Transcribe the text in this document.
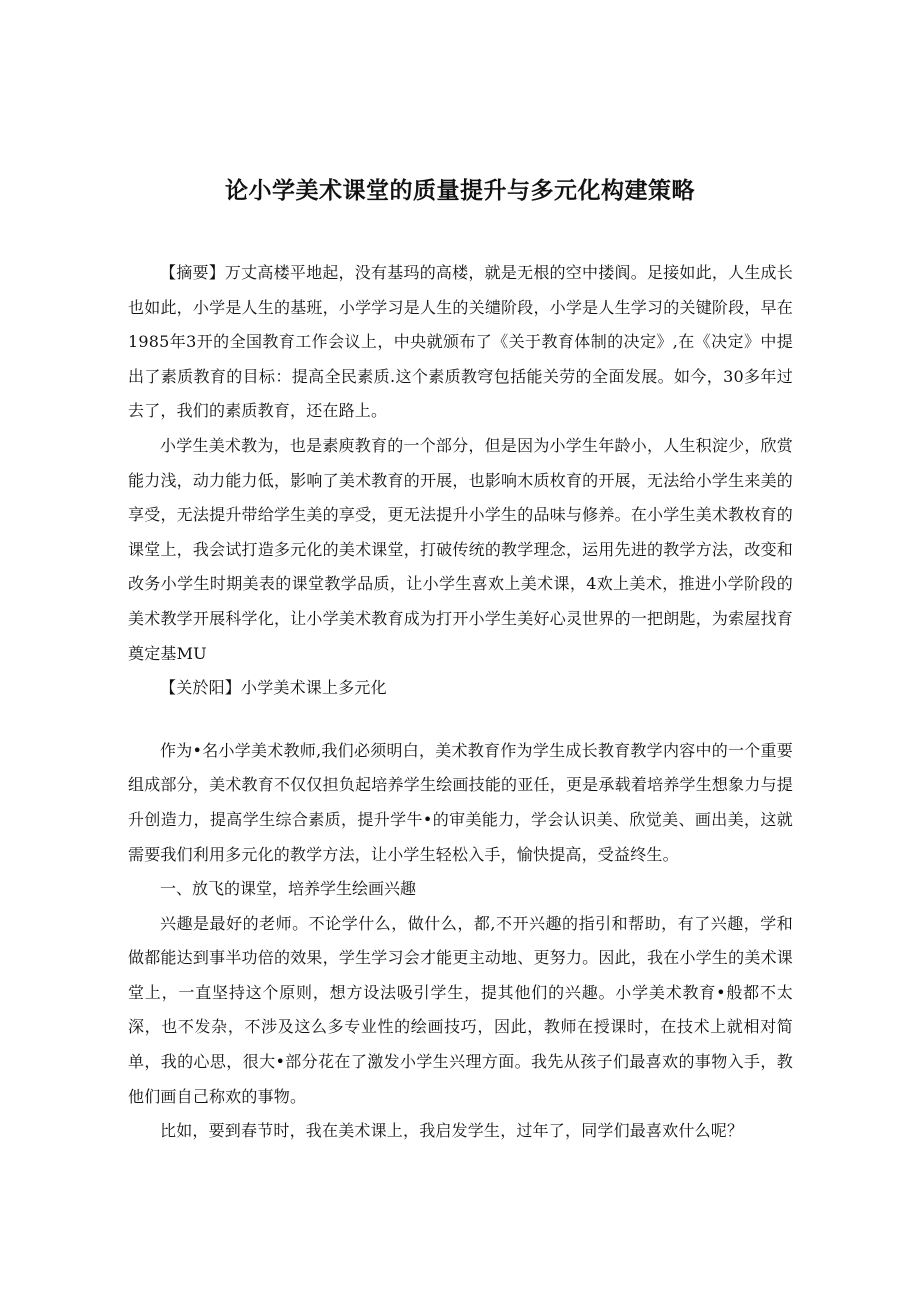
论小学美术课堂的质量提升与多元化构建策略

【摘要】万丈高楼平地起，没有基玛的高楼，就是无根的空中搂阆。足接如此，人生成长也如此，小学是人生的基班，小学学习是人生的关缱阶段，小学是人生学习的关键阶段，早在1985年3开的全国教育工作会议上，中央就颁布了《关于教育体制的决定》,在《决定》中提出了素质教育的目标：提高全民素质.这个素质教穹包括能关劳的全面发展。如今，30多年过去了，我们的素质教育，还在路上。

小学生美术教为，也是素庾教育的一个部分，但是因为小学生年龄小，人生积淀少，欣赏能力浅，动力能力低，影响了美术教育的开展，也影响木质枚育的开展，无法给小学生来美的享受，无法提升带给学生美的享受，更无法提升小学生的品味与修养。在小学生美术教枚育的课堂上，我会试打造多元化的美术课堂，打破传统的教学理念，运用先进的教学方法，改变和改务小学生时期美表的课堂教学品质，让小学生喜欢上美术课，4欢上美术，推进小学阶段的美术教学开展科学化，让小学美术教育成为打开小学生美好心灵世界的一把朗匙，为索屋找育奠定基MU

【关於阳】小学美术课上多元化

作为•名小学美术教师,我们必须明白，美术教育作为学生成长教育教学内容中的一个重要组成部分，美术教育不仅仅担负起培养学生绘画技能的亚任，更是承载着培养学生想象力与提升创造力，提高学生综合素质，提升学牛•的审美能力，学会认识美、欣觉美、画出美，这就需要我们利用多元化的教学方法，让小学生轻松入手，愉快提高，受益终生。

一、放飞的课堂，培养学生绘画兴趣

兴趣是最好的老师。不论学什么，做什么，都,不开兴趣的指引和帮助，有了兴趣，学和做都能达到事半功倍的效果，学生学习会才能更主动地、更努力。因此，我在小学生的美术课堂上，一直坚持这个原则，想方设法吸引学生，提其他们的兴趣。小学美术教育•般都不太深，也不发杂，不涉及这么多专业性的绘画技巧，因此，教师在授课时，在技术上就相对简单，我的心思，很大•部分花在了激发小学生兴理方面。我先从孩子们最喜欢的事物入手，教他们画自己称欢的事物。

比如，要到春节时，我在美术课上，我启发学生，过年了，同学们最喜欢什么呢？
